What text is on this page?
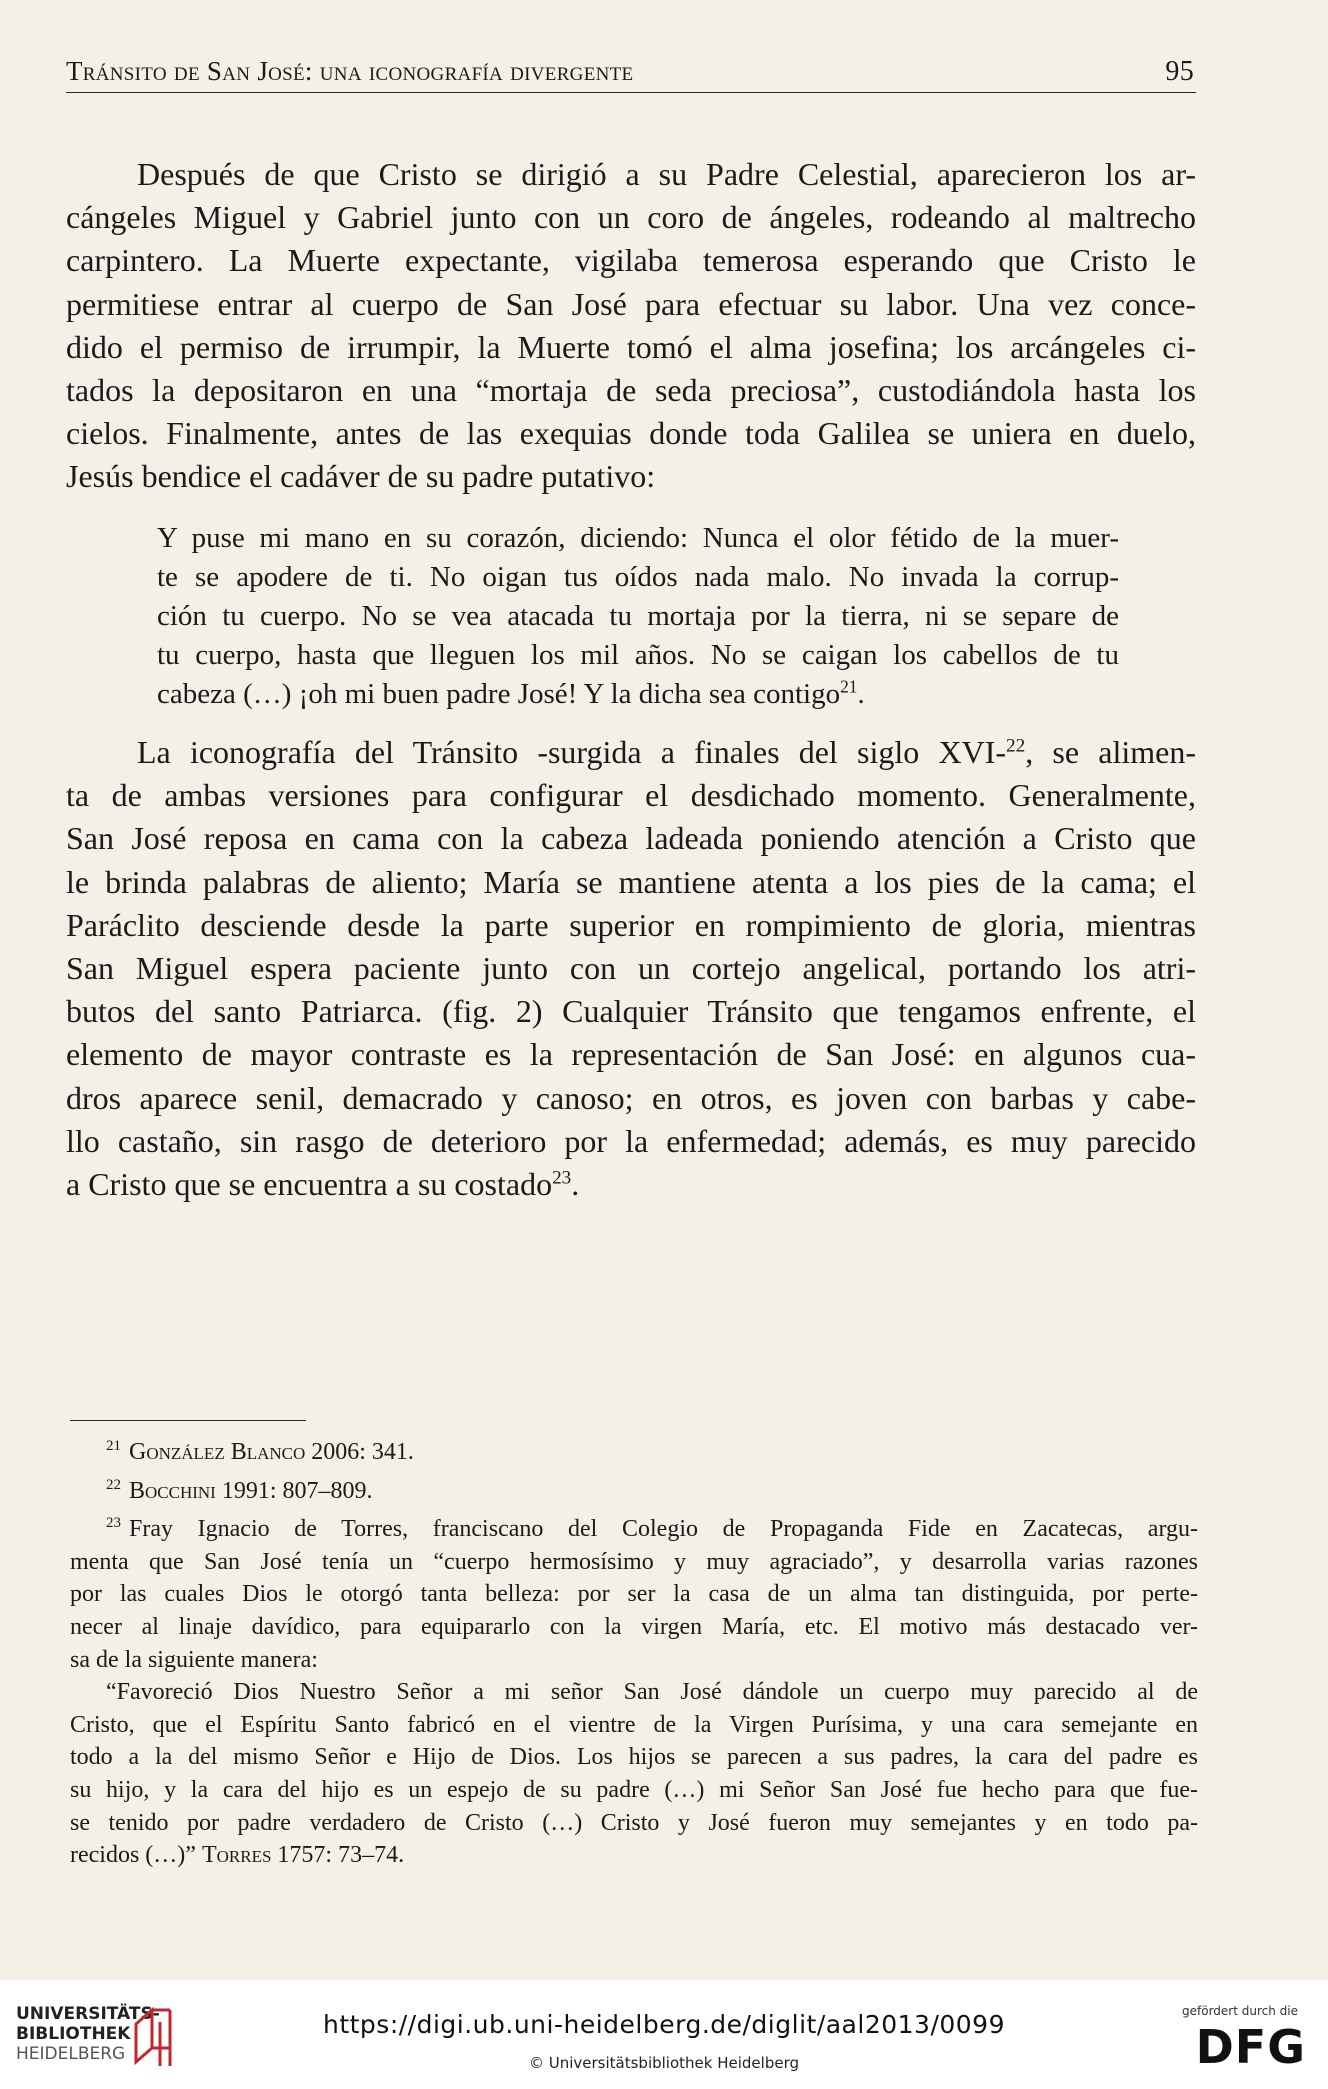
Tránsito de San José: una iconografía divergente	95
Después de que Cristo se dirigió a su Padre Celestial, aparecieron los ar-
cángeles Miguel y Gabriel junto con un coro de ángeles, rodeando al maltrecho
carpintero. La Muerte expectante, vigilaba temerosa esperando que Cristo le
permitiese entrar al cuerpo de San José para efectuar su labor. Una vez conce-
dido el permiso de irrumpir, la Muerte tomó el alma josefina; los arcángeles ci-
tados la depositaron en una “mortaja de seda preciosa”, custodiándola hasta los
cielos. Finalmente, antes de las exequias donde toda Galilea se uniera en duelo,
Jesús bendice el cadáver de su padre putativo:
Y puse mi mano en su corazón, diciendo: Nunca el olor fétido de la muer-
te se apodere de ti. No oigan tus oídos nada malo. No invada la corrup-
ción tu cuerpo. No se vea atacada tu mortaja por la tierra, ni se separe de
tu cuerpo, hasta que lleguen los mil años. No se caigan los cabellos de tu
cabeza (…) ¡oh mi buen padre José! Y la dicha sea contigo$^{21}$.
La iconografía del Tránsito -surgida a finales del siglo XVI-$^{22}$, se alimen-
ta de ambas versiones para configurar el desdichado momento. Generalmente,
San José reposa en cama con la cabeza ladeada poniendo atención a Cristo que
le brinda palabras de aliento; María se mantiene atenta a los pies de la cama; el
Paráclito desciende desde la parte superior en rompimiento de gloria, mientras
San Miguel espera paciente junto con un cortejo angelical, portando los atri-
butos del santo Patriarca. (fig. 2) Cualquier Tránsito que tengamos enfrente, el
elemento de mayor contraste es la representación de San José: en algunos cua-
dros aparece senil, demacrado y canoso; en otros, es joven con barbas y cabe-
llo castaño, sin rasgo de deterioro por la enfermedad; además, es muy parecido
a Cristo que se encuentra a su costado$^{23}$.
$^{21}$ González Blanco 2006: 341.
$^{22}$ Bocchini 1991: 807–809.
$^{23}$ Fray Ignacio de Torres, franciscano del Colegio de Propaganda Fide en Zacatecas, argu-
menta que San José tenía un “cuerpo hermosísimo y muy agraciado”, y desarrolla varias razones
por las cuales Dios le otorgó tanta belleza: por ser la casa de un alma tan distinguida, por perte-
necer al linaje davídico, para equipararlo con la virgen María, etc. El motivo más destacado ver-
sa de la siguiente manera:
“Favoreció Dios Nuestro Señor a mi señor San José dándole un cuerpo muy parecido al de
Cristo, que el Espíritu Santo fabricó en el vientre de la Virgen Purísima, y una cara semejante en
todo a la del mismo Señor e Hijo de Dios. Los hijos se parecen a sus padres, la cara del padre es
su hijo, y la cara del hijo es un espejo de su padre (…) mi Señor San José fue hecho para que fue-
se tenido por padre verdadero de Cristo (…) Cristo y José fueron muy semejantes y en todo pa-
recidos (…)” Torres 1757: 73–74.
UNIVERSITÄTS-
BIBLIOTHEK
HEIDELBERG
https://digi.ub.uni-heidelberg.de/diglit/aal2013/0099
© Universitätsbibliothek Heidelberg
gefördert durch die
DFG
